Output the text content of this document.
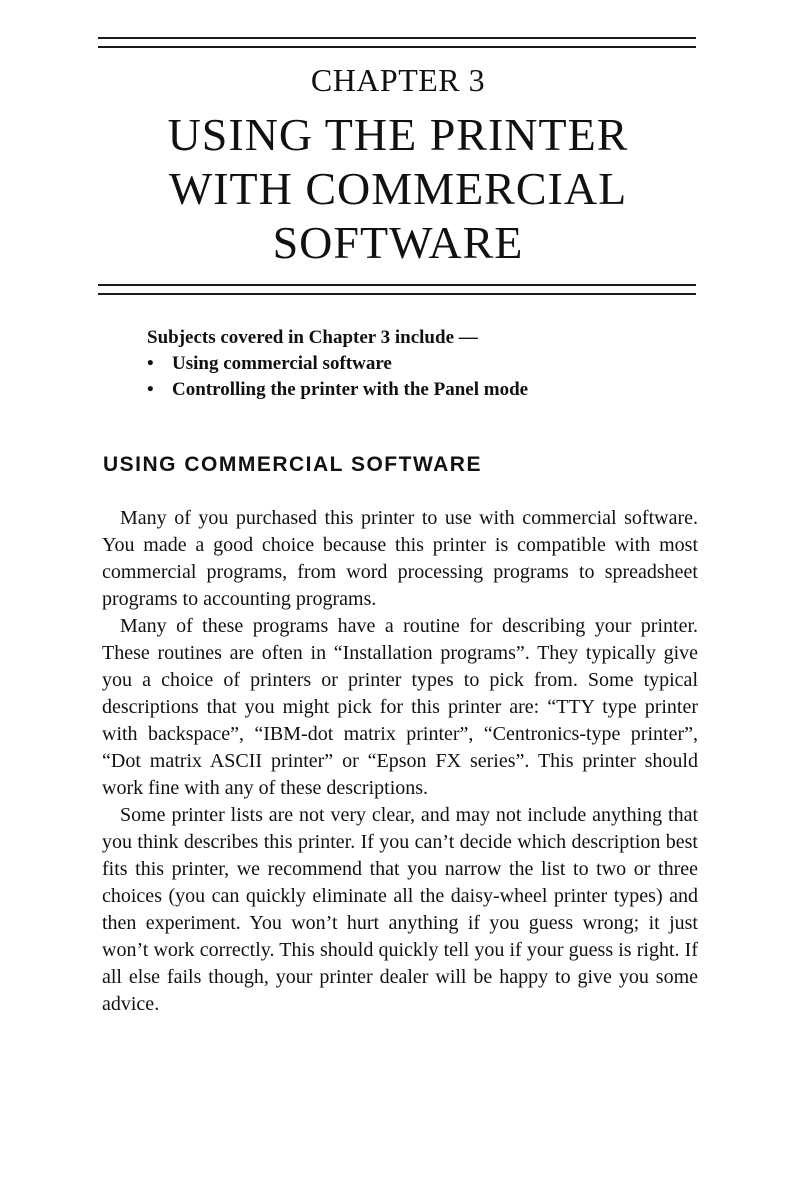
CHAPTER 3
USING THE PRINTER
WITH COMMERCIAL
SOFTWARE
Subjects covered in Chapter 3 include —
• Using commercial software
• Controlling the printer with the Panel mode
USING COMMERCIAL SOFTWARE

Many of you purchased this printer to use with commercial software. You made a good choice because this printer is compatible with most commercial programs, from word processing programs to spreadsheet programs to accounting programs.

Many of these programs have a routine for describing your printer. These routines are often in “Installation programs”. They typically give you a choice of printers or printer types to pick from. Some typical descriptions that you might pick for this printer are: “TTY type printer with backspace”, “IBM-dot matrix printer”, “Centronics-type printer”, “Dot matrix ASCII printer” or “Epson FX series”. This printer should work fine with any of these descriptions.

Some printer lists are not very clear, and may not include anything that you think describes this printer. If you can’t decide which description best fits this printer, we recommend that you narrow the list to two or three choices (you can quickly eliminate all the daisy-wheel printer types) and then experiment. You won’t hurt anything if you guess wrong; it just won’t work correctly. This should quickly tell you if your guess is right. If all else fails though, your printer dealer will be happy to give you some advice.
